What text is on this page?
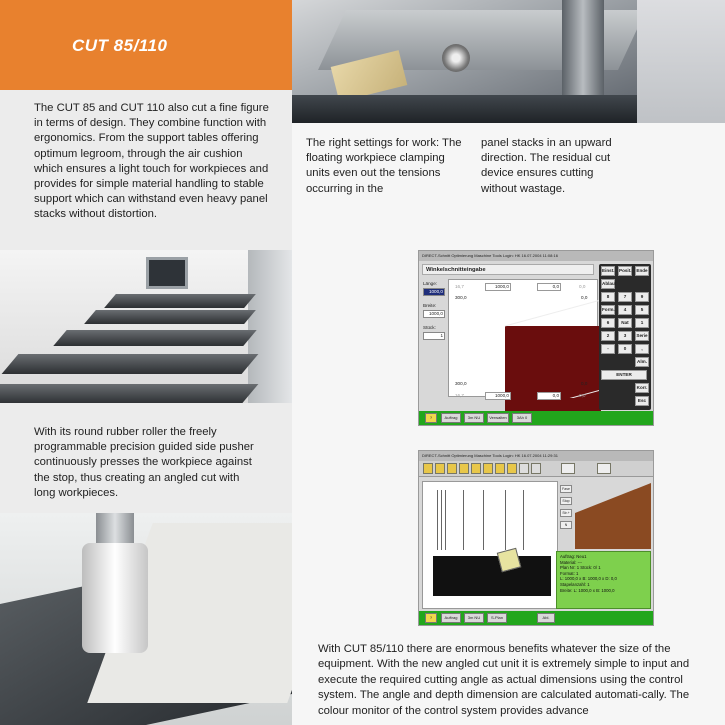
CUT 85/110

The CUT 85 and CUT 110 also cut a fine figure in terms of design. They combine function with ergonomics. From the support tables offering optimum legroom, through the air cushion which ensures a light touch for workpieces and provides for simple material handling to stable support which can withstand even heavy panel stacks without distortion.

The right settings for work: The floating workpiece clamping units even out the tensions occurring in the

panel stacks in an upward direction. The residual cut device ensures cutting without wastage.

With its round rubber roller the freely programmable precision guided side pusher continuously presses the workpiece against the stop, thus creating an angled cut with long workpieces.

DIRECT-Schnitt Optimierung Maschine Tools Login: HK 16.07.2004 11:08:16
Winkelschnitteingabe
Länge:
1000,0
Breite:
1000,0
Stück:
1
16,7	1000,0	0,0	0,0
300,0	0,0
300,0	0,0
16,7	1000,0	0,0	0,0
Einst. Posit. Ende
Ablauf
7
8	9
Form.	4	5
6	Nat	1
2	3	Serie
-	0	,
Alm.
ENTER
Korr.
Esc
?	Auftrag	3m NU	Verwalten	3Ah 0
DIRECT-Schnitt Optimierung Maschine Tools Login: HK 16.07.2004 11:29:31
Fase
Stop
Str.+
N
Auftrag: Neu1
Material: ---
Plan Nr: 1 Stück: 0/ 1
Format: 1
L: 1000,0 x B: 1000,0 x D: 0,0
Stapelanzahl: 1
Breite: L: 1000,0 x B: 1000,0
?	Auftrag	3m NU	S-Plan	Abl.

With CUT 85/110 there are enormous benefits whatever the size of the equipment. With the new angled cut unit it is extremely simple to input and execute the required cutting angle as actual dimensions using the control system. The angle and depth dimension are calculated automati-cally. The colour monitor of the control system provides advance
